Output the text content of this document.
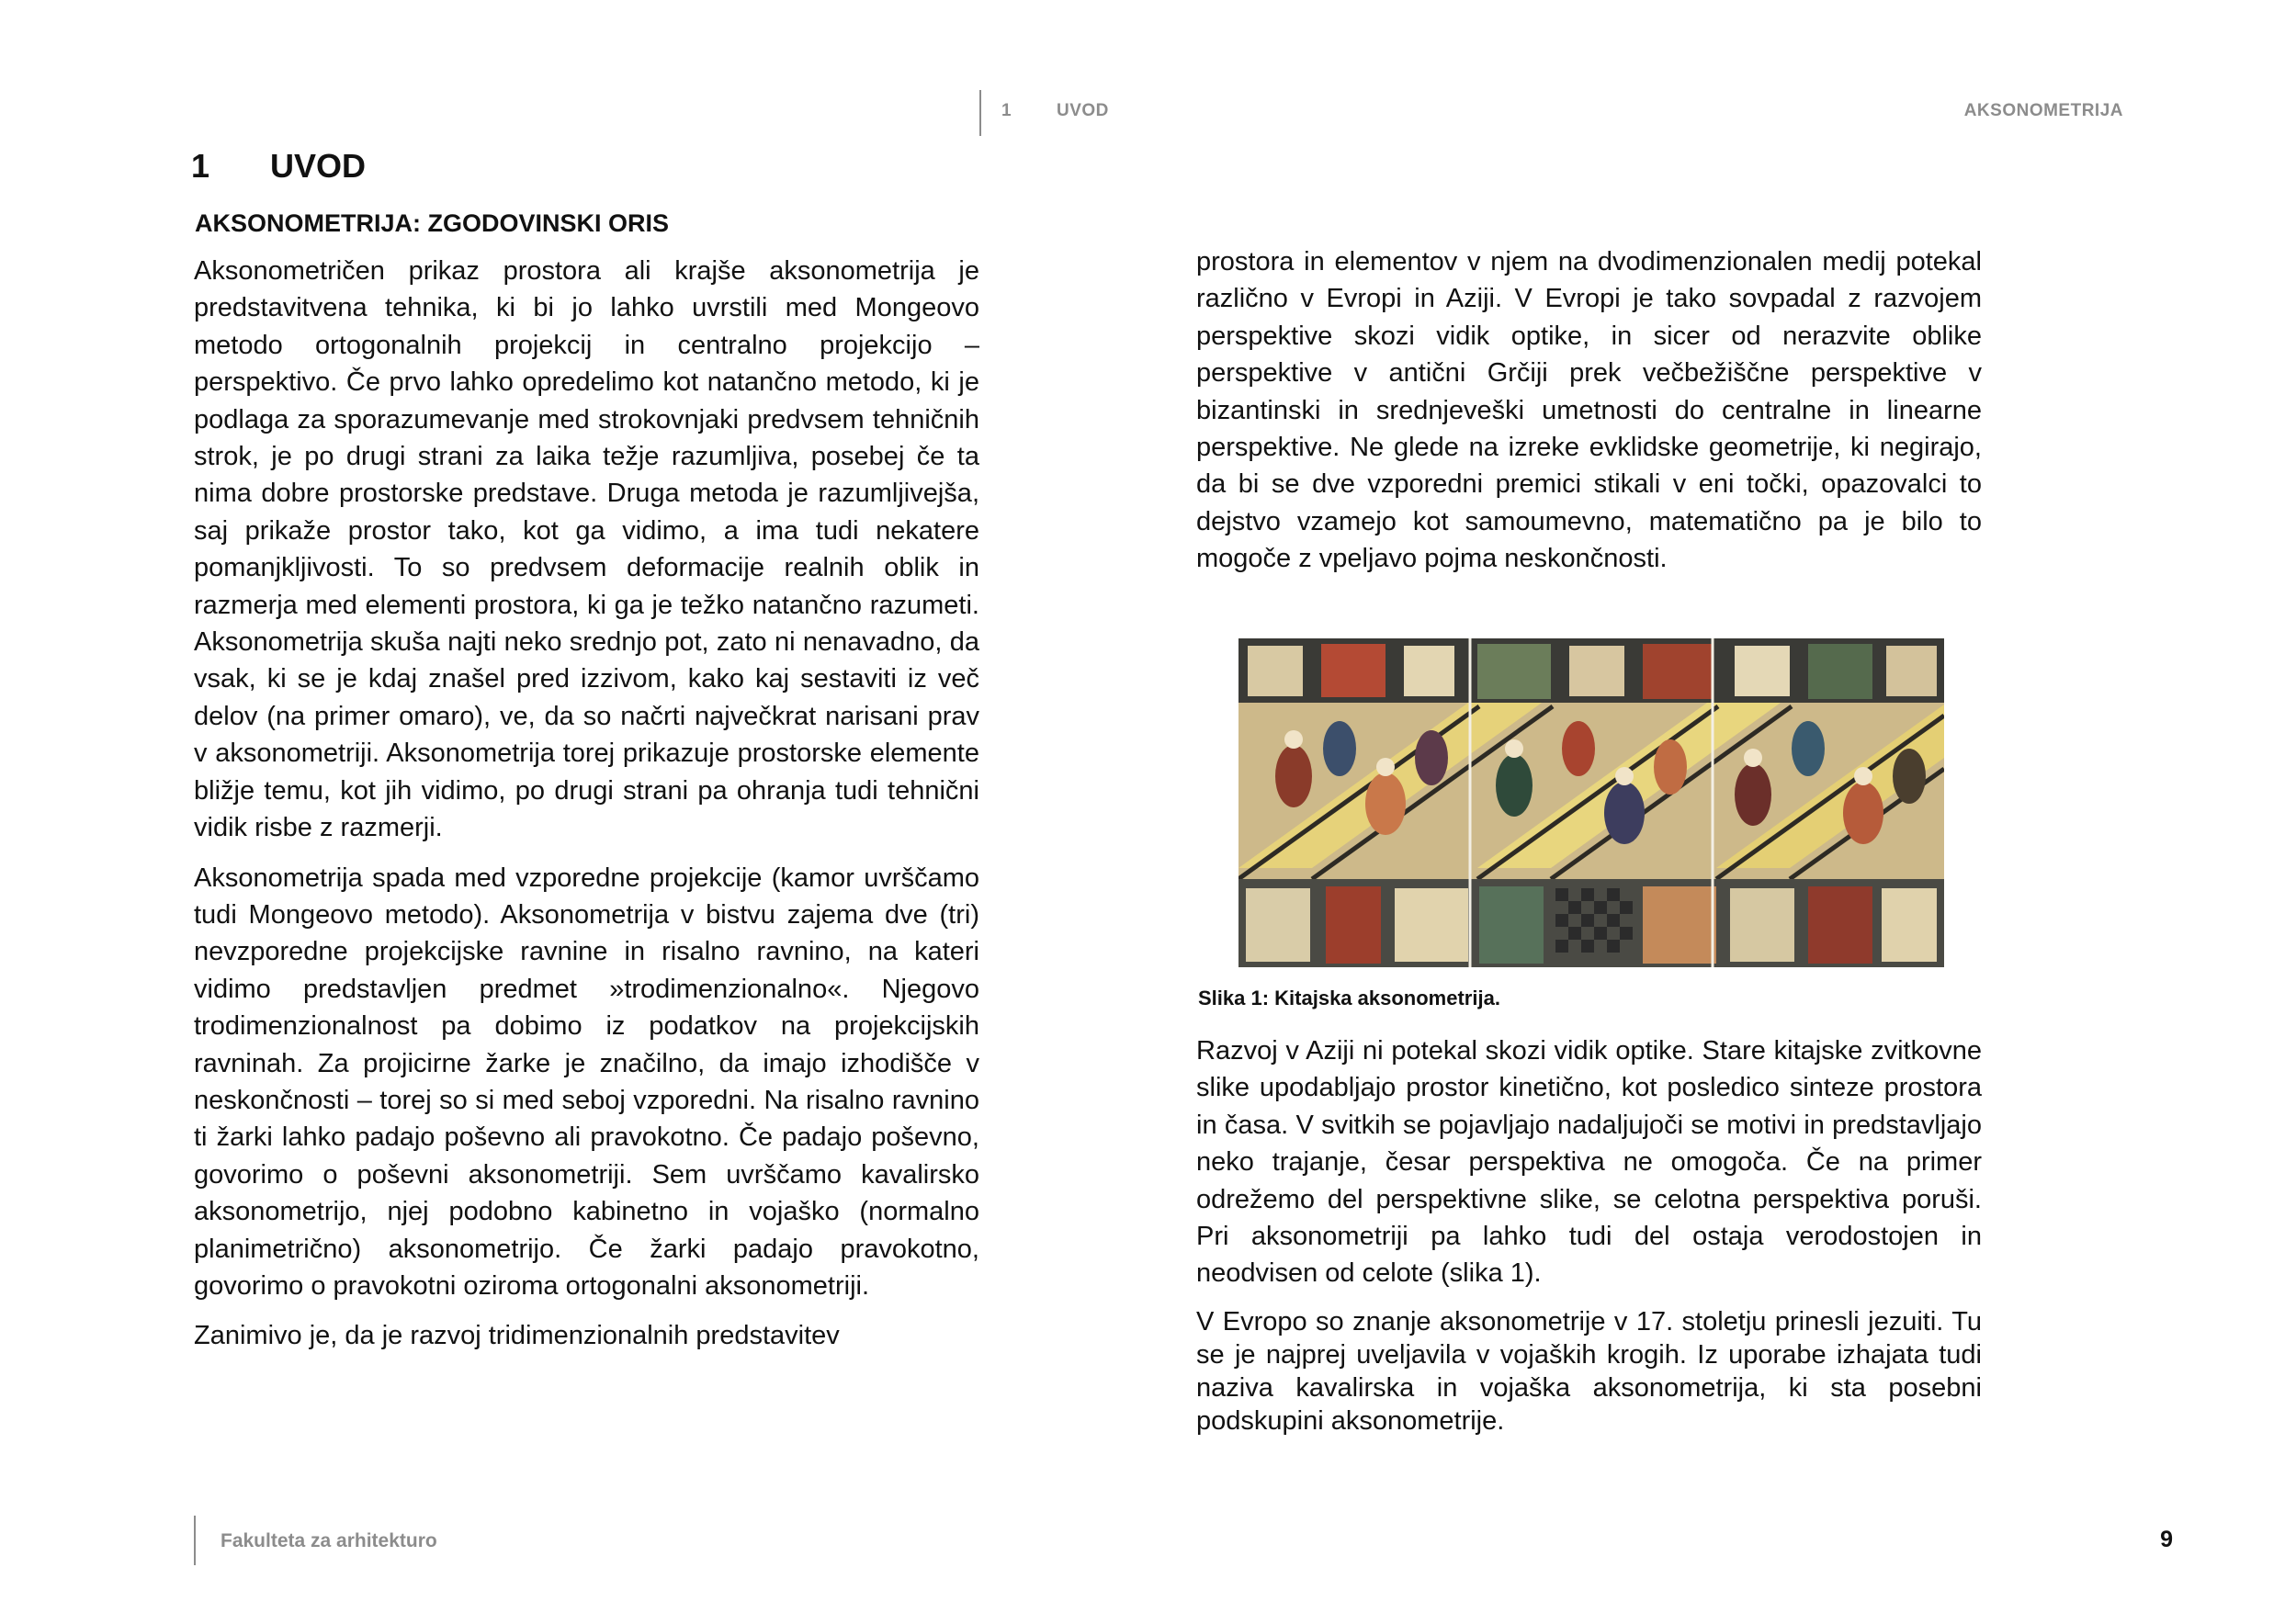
1	UVOD	AKSONOMETRIJA
1 UVOD
AKSONOMETRIJA: ZGODOVINSKI ORIS

Aksonometričen prikaz prostora ali krajše aksonometrija je predstavitvena tehnika, ki bi jo lahko uvrstili med Mongeovo metodo ortogonalnih projekcij in centralno projekcijo – perspektivo. Če prvo lahko opredelimo kot natančno metodo, ki je podlaga za sporazumevanje med strokovnjaki predvsem tehničnih strok, je po drugi strani za laika težje razumljiva, posebej če ta nima dobre prostorske predstave. Druga metoda je razumljivejša, saj prikaže prostor tako, kot ga vidimo, a ima tudi nekatere pomanjkljivosti. To so predvsem deformacije realnih oblik in razmerja med elementi prostora, ki ga je težko natančno razumeti. Aksonometrija skuša najti neko srednjo pot, zato ni nenavadno, da vsak, ki se je kdaj znašel pred izzivom, kako kaj sestaviti iz več delov (na primer omaro), ve, da so načrti največkrat narisani prav v aksonometriji. Aksonometrija torej prikazuje prostorske elemente bližje temu, kot jih vidimo, po drugi strani pa ohranja tudi tehnični vidik risbe z razmerji.

Aksonometrija spada med vzporedne projekcije (kamor uvrščamo tudi Mongeovo metodo). Aksonometrija v bistvu zajema dve (tri) nevzporedne projekcijske ravnine in risalno ravnino, na kateri vidimo predstavljen predmet »trodimenzionalno«. Njegovo trodimenzionalnost pa dobimo iz podatkov na projekcijskih ravninah. Za projicirne žarke je značilno, da imajo izhodišče v neskončnosti – torej so si med seboj vzporedni. Na risalno ravnino ti žarki lahko padajo poševno ali pravokotno. Če padajo poševno, govorimo o poševni aksonometriji. Sem uvrščamo kavalirsko aksonometrijo, njej podobno kabinetno in vojaško (normalno planimetrično) aksonometrijo. Če žarki padajo pravokotno, govorimo o pravokotni oziroma ortogonalni aksonometriji.

Zanimivo je, da je razvoj tridimenzionalnih predstavitev

prostora in elementov v njem na dvodimenzionalen medij potekal različno v Evropi in Aziji. V Evropi je tako sovpadal z razvojem perspektive skozi vidik optike, in sicer od nerazvite oblike perspektive v antični Grčiji prek večbežiščne perspektive v bizantinski in srednjeveški umetnosti do centralne in linearne perspektive. Ne glede na izreke evklidske geometrije, ki negirajo, da bi se dve vzporedni premici stikali v eni točki, opazovalci to dejstvo vzamejo kot samoumevno, matematično pa je bilo to mogoče z vpeljavo pojma neskončnosti.

Slika 1: Kitajska aksonometrija.

Razvoj v Aziji ni potekal skozi vidik optike. Stare kitajske zvitkovne slike upodabljajo prostor kinetično, kot posledico sinteze prostora in časa. V svitkih se pojavljajo nadaljujoči se motivi in predstavljajo neko trajanje, česar perspektiva ne omogoča. Če na primer odrežemo del perspektivne slike, se celotna perspektiva poruši. Pri aksonometriji pa lahko tudi del ostaja verodostojen in neodvisen od celote (slika 1).

V Evropo so znanje aksonometrije v 17. stoletju prinesli jezuiti. Tu se je najprej uveljavila v vojaških krogih. Iz uporabe izhajata tudi naziva kavalirska in vojaška aksonometrija, ki sta posebni podskupini aksonometrije.

Fakulteta za arhitekturo	9
